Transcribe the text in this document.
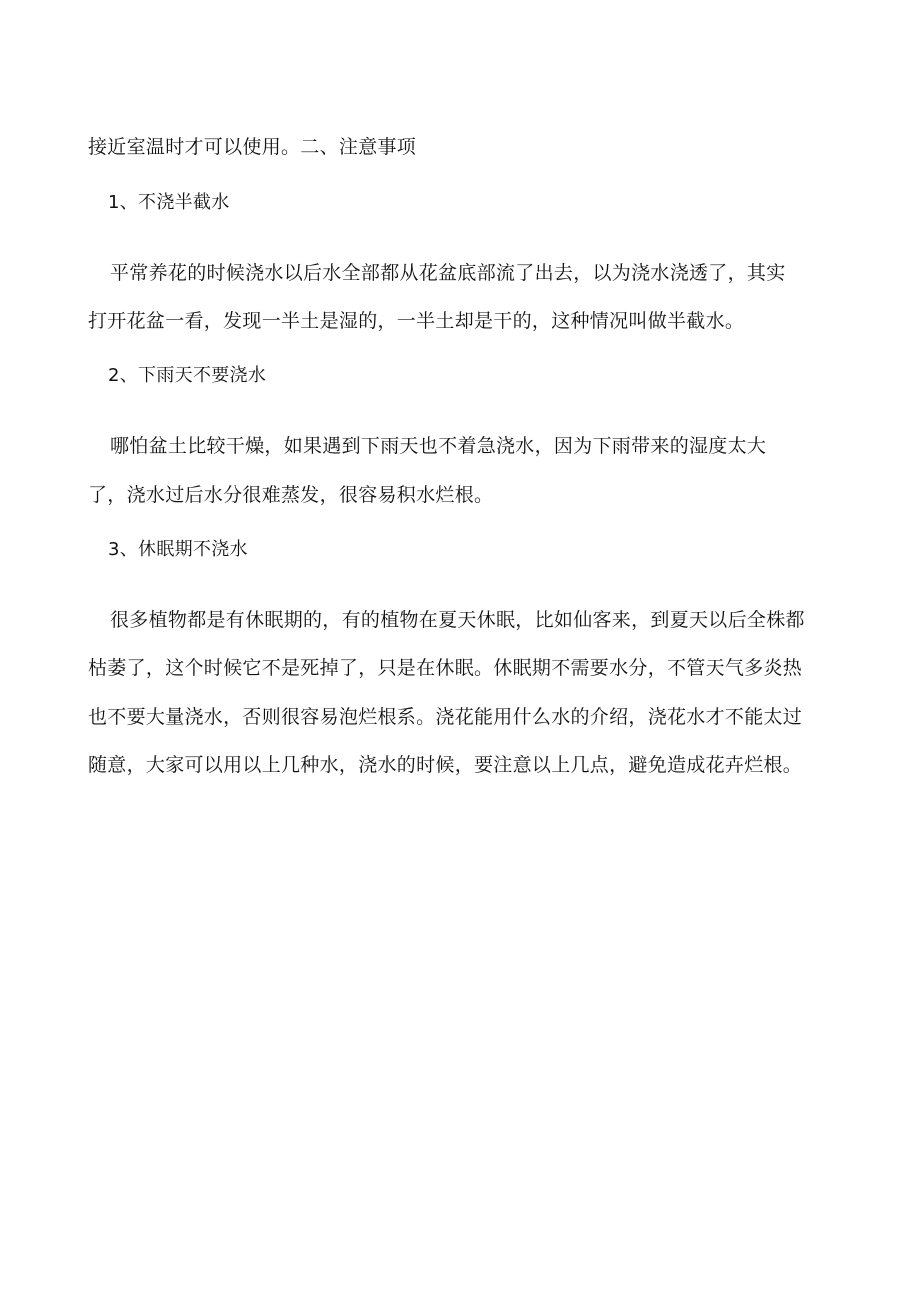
接近室温时才可以使用。二、注意事项
1、不浇半截水
平常养花的时候浇水以后水全部都从花盆底部流了出去，以为浇水浇透了，其实
打开花盆一看，发现一半土是湿的，一半土却是干的，这种情况叫做半截水。
2、下雨天不要浇水
哪怕盆土比较干燥，如果遇到下雨天也不着急浇水，因为下雨带来的湿度太大
了，浇水过后水分很难蒸发，很容易积水烂根。
3、休眠期不浇水
很多植物都是有休眠期的，有的植物在夏天休眠，比如仙客来，到夏天以后全株都
枯萎了，这个时候它不是死掉了，只是在休眠。休眠期不需要水分，不管天气多炎热
也不要大量浇水，否则很容易泡烂根系。浇花能用什么水的介绍，浇花水才不能太过
随意，大家可以用以上几种水，浇水的时候，要注意以上几点，避免造成花卉烂根。
